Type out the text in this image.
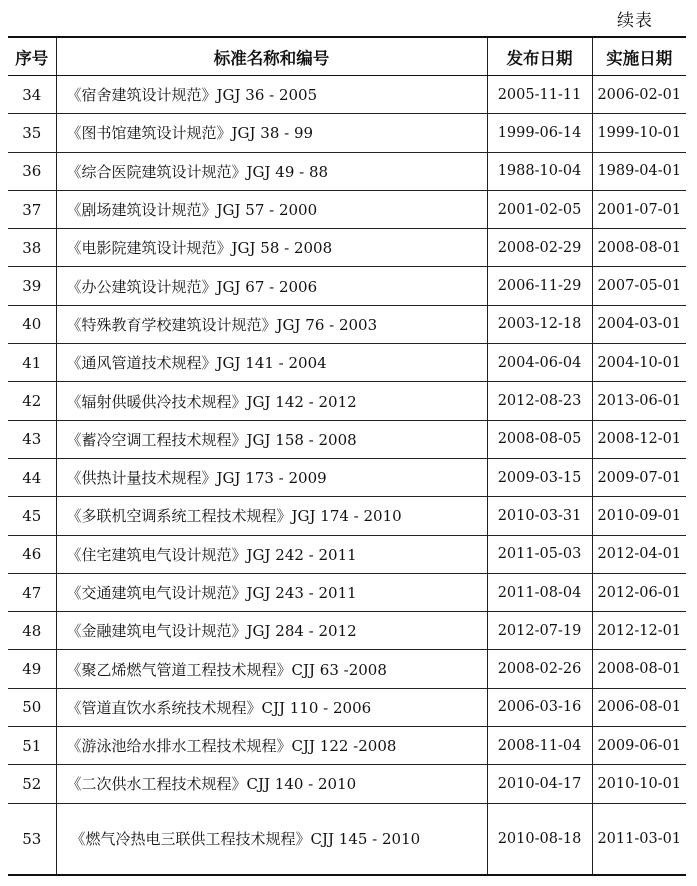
续表
序号	标准名称和编号	发布日期	实施日期
34	《宿舍建筑设计规范》JGJ 36 - 2005	2005-11-11	2006-02-01
35	《图书馆建筑设计规范》JGJ 38 - 99	1999-06-14	1999-10-01
36	《综合医院建筑设计规范》JGJ 49 - 88	1988-10-04	1989-04-01
37	《剧场建筑设计规范》JGJ 57 - 2000	2001-02-05	2001-07-01
38	《电影院建筑设计规范》JGJ 58 - 2008	2008-02-29	2008-08-01
39	《办公建筑设计规范》JGJ 67 - 2006	2006-11-29	2007-05-01
40	《特殊教育学校建筑设计规范》JGJ 76 - 2003	2003-12-18	2004-03-01
41	《通风管道技术规程》JGJ 141 - 2004	2004-06-04	2004-10-01
42	《辐射供暖供冷技术规程》JGJ 142 - 2012	2012-08-23	2013-06-01
43	《蓄冷空调工程技术规程》JGJ 158 - 2008	2008-08-05	2008-12-01
44	《供热计量技术规程》JGJ 173 - 2009	2009-03-15	2009-07-01
45	《多联机空调系统工程技术规程》JGJ 174 - 2010	2010-03-31	2010-09-01
46	《住宅建筑电气设计规范》JGJ 242 - 2011	2011-05-03	2012-04-01
47	《交通建筑电气设计规范》JGJ 243 - 2011	2011-08-04	2012-06-01
48	《金融建筑电气设计规范》JGJ 284 - 2012	2012-07-19	2012-12-01
49	《聚乙烯燃气管道工程技术规程》CJJ 63 -2008	2008-02-26	2008-08-01
50	《管道直饮水系统技术规程》CJJ 110 - 2006	2006-03-16	2006-08-01
51	《游泳池给水排水工程技术规程》CJJ 122 -2008	2008-11-04	2009-06-01
52	《二次供水工程技术规程》CJJ 140 - 2010	2010-04-17	2010-10-01
53	《燃气冷热电三联供工程技术规程》CJJ 145 - 2010	2010-08-18	2011-03-01
